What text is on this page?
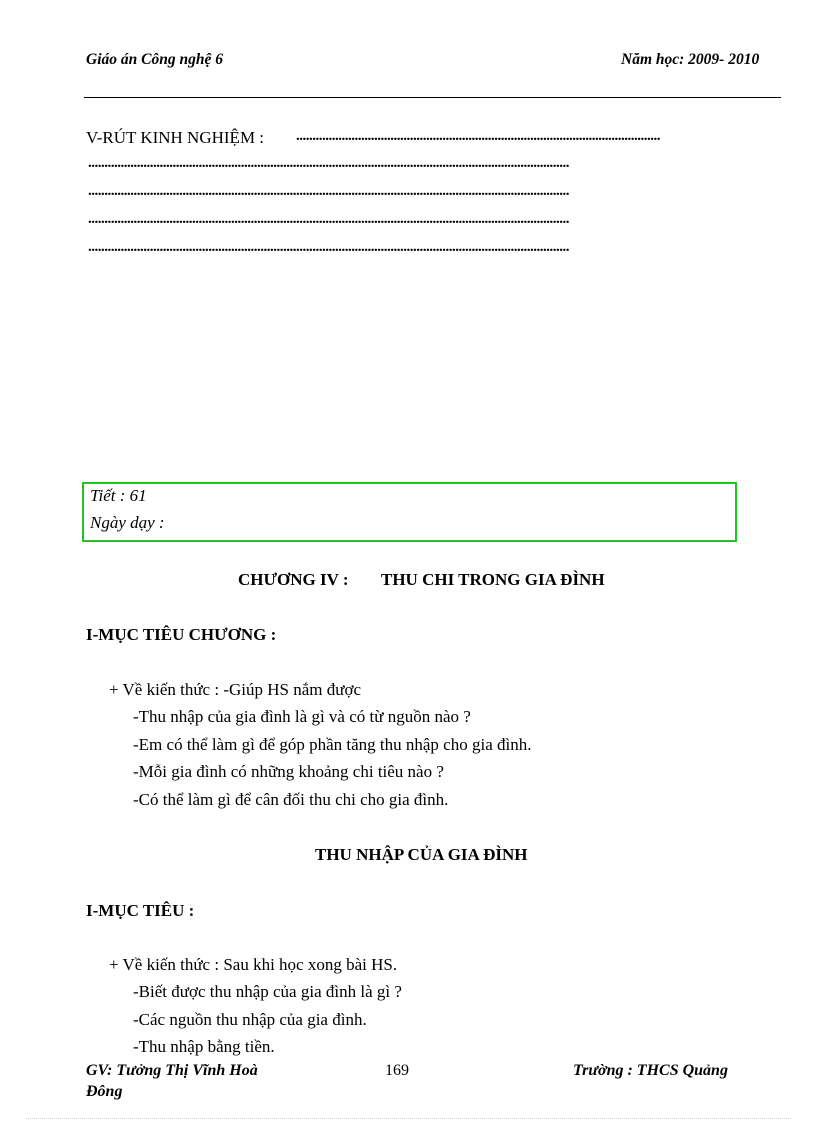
Giáo án Công nghệ 6	Năm học: 2009- 2010
V-RÚT KINH NGHIỆM : ................................................................................................................
....................................................................................................................................................
....................................................................................................................................................
....................................................................................................................................................
....................................................................................................................................................
Tiết : 61
Ngày dạy :
CHƯƠNG IV : THU CHI TRONG GIA ĐÌNH
I-MỤC TIÊU CHƯƠNG :
+ Về kiến thức : -Giúp HS nắm được
-Thu nhập của gia đình là gì và có từ nguồn nào ?
-Em có thể làm gì để góp phần tăng thu nhập cho gia đình.
-Mỗi gia đình có những khoảng chi tiêu nào ?
-Có thể làm gì để cân đối thu chi cho gia đình.
THU NHẬP CỦA GIA ĐÌNH
I-MỤC TIÊU :
+ Về kiến thức : Sau khi học xong bài HS.
-Biết được thu nhập của gia đình là gì ?
-Các nguồn thu nhập của gia đình.
-Thu nhập bằng tiền.
GV: Tưởng Thị Vĩnh Hoà	169	Trường : THCS Quảng
Đông
